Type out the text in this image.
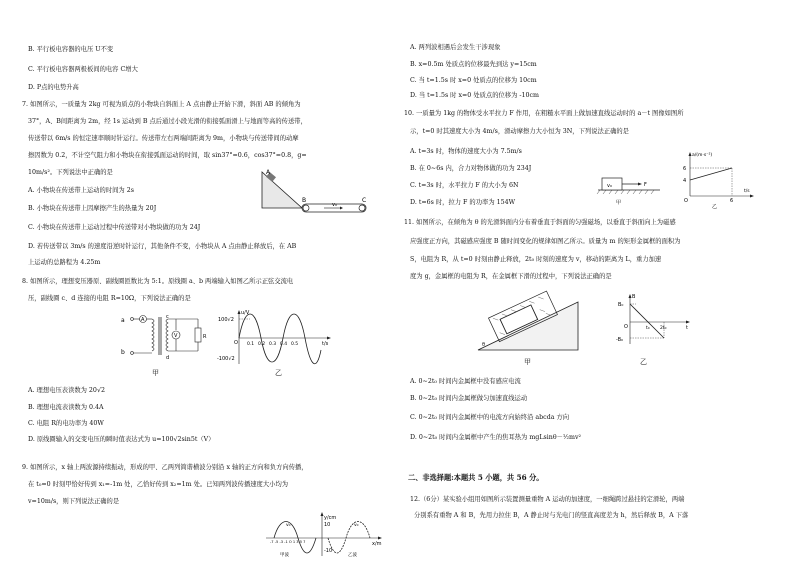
B. 平行板电容器的电压 U不变
C. 平行板电容器两极板间的电容 C增大
D. P点的电势升高
7. 如图所示，一质量为 2kg 可视为质点的小物块自斜面上 A 点由静止开始下滑，斜面 AB 的倾角为
37°，A、B间距离为 2m，经 1s 运动到 B 点后通过小段光滑的衔接弧面滑上与地面等高的传送带，
传送带以 6m/s 的恒定速率顺时针运行。传送带左右两端间距离为 9m，小物块与传送带间的动摩
擦因数为 0.2，不计空气阻力和小物块在衔接弧面运动的时间，取 sin37°=0.6，cos37°=0.8，g=
10m/s²。下列说法中正确的是
A. 小物块在传送带上运动的时间为 2s
B. 小物块在传送带上因摩擦产生的热量为 20J
C. 小物块在传送带上运动过程中传送带对小物块做的功为 24J
D. 若传送带以 3m/s 的速度沿逆时针运行，其他条件不变，小物块从 A 点由静止释放后，在 AB
上运动的总路程为 4.25m
A
B	C
v₀
8. 如图所示，理想变压器原、副线圈匝数比为 5:1。原线圈 a、b 两端输入如图乙所示正弦交流电
压，副线圈 c、d 连接的电阻 R=10Ω，下列说法正确的是
a
b
A	c
d
V	R
甲
u/V
100√2
-100√2
O	t/s
0.1 0.2 0.3 0.4 0.5
乙
A. 理想电压表读数为 20√2
B. 理想电流表读数为 0.4A
C. 电阻 R的电功率为 40W
D. 原线圈输入的交变电压的瞬时值表达式为 u=100√2sin5t（V）
9. 如图所示，x 轴上两波源持续振动，形成的甲、乙两列简谐横波分别沿 x 轴的正方向和负方向传播，
在 t₀=0 时刻甲恰好传到 x₁=-1m 处，乙恰好传到 x₂=1m 处。已知两列波传播速度大小均为
v=10m/s，则下列说法正确的是
y/cm
10
-10
x/m
v₀	v₀
-7 -5 -3 -1 O 1 3 5 7
甲波	乙波
A. 两列波相遇后会发生干涉现象
B. x=0.5m 处质点的位移最先到达 y=15cm
C. 当 t=1.5s 时 x=0 处质点的位移为 10cm
D. 当 t=1.5s 时 x=0 处质点的位移为 -10cm
10. 一质量为 1kg 的物体受水平拉力 F 作用，在粗糙水平面上做加速直线运动时的 a－t 图像如图所
示，t=0 时其速度大小为 4m/s，滑动摩擦力大小恒为 3N，下列说法正确的是
A. t=3s 时，物体的速度大小为 7.5m/s
B. 在 0~6s 内，合力对物体做的功为 234J
C. t=3s 时，水平拉力 F 的大小为 6N
D. t=6s 时，拉力 F 的功率为 154W
v₀	F
甲
a/(m·s⁻²)
6
4
O	6
t/s
乙
11. 如图所示，在倾角为 θ 的光滑斜面内分布着垂直于斜面的匀强磁场，以垂直于斜面向上为磁感
应强度正方向，其磁感应强度 B 随时间变化的规律如图乙所示。质量为 m 的矩形金属框的面积为
S，电阻为 R，从 t=0 时刻由静止释放，2t₀ 时刻的速度为 v，移动的距离为 L，重力加速
度为 g，金属框的电阻为 R，在金属框下滑的过程中，下列说法正确的是
θ
甲
B
B₀
-B₀
O	t₀ 2t₀	t
乙
A. 0~2t₀ 时间内金属框中没有感应电流
B. 0~2t₀ 时间内金属框做匀加速直线运动
C. 0~2t₀ 时间内金属框中的电流方向始终沿 abcda 方向
D. 0~2t₀ 时间内金属框中产生的焦耳热为 mgLsinθ－½mv²
二、非选择题:本题共 5 小题，共 56 分。
12.（6分）某实验小组用如图所示装置测量重物 A 运动的加速度，一细绳跨过悬挂的定滑轮，两端
分别系有重物 A 和 B，先用力拉住 B，A 静止时与光电门的竖直高度差为 h，然后释放 B，A 下落
